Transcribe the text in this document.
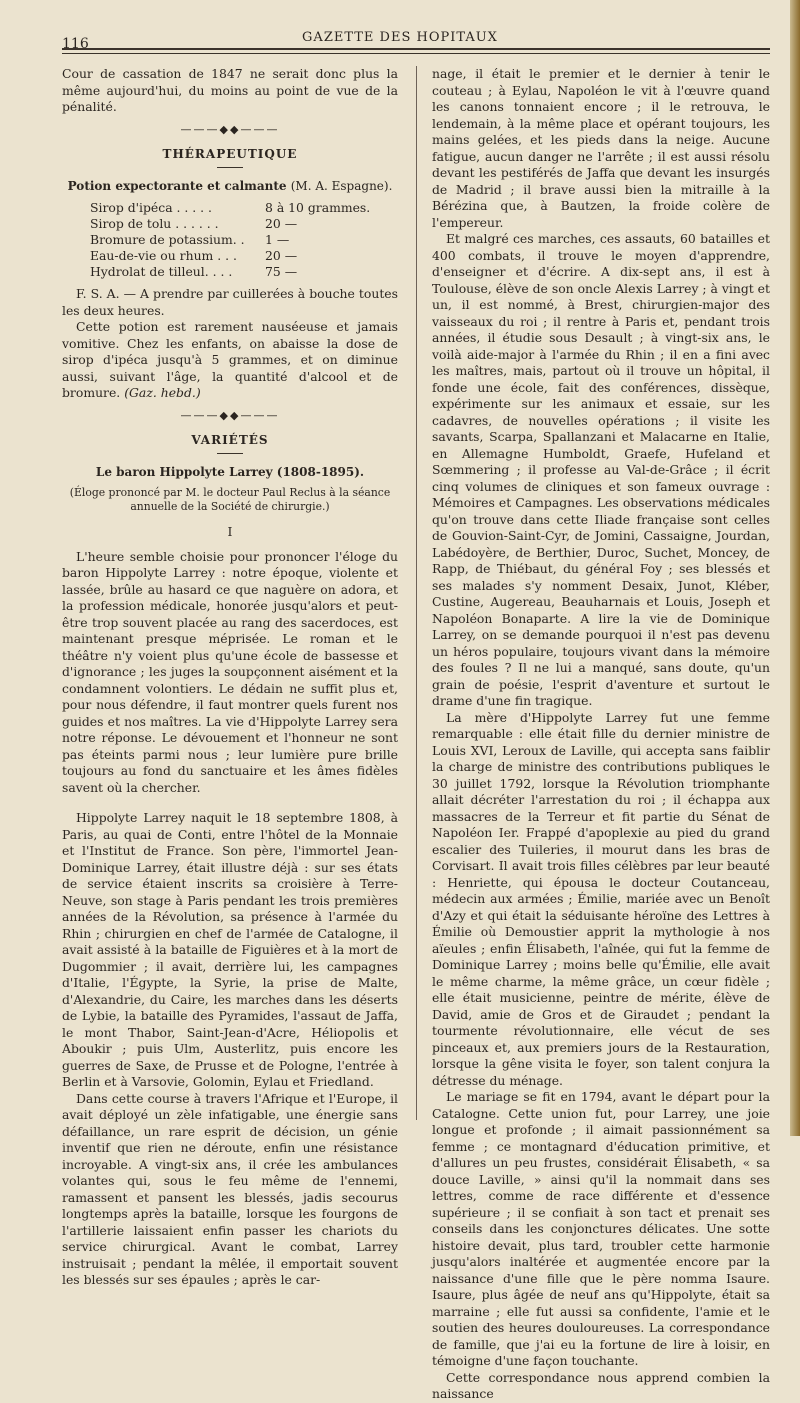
116	GAZETTE DES HOPITAUX

Cour de cassation de 1847 ne serait donc plus la même aujourd'hui, du moins au point de vue de la pénalité.

———◆◆———
THÉRAPEUTIQUE
Potion expectorante et calmante (M. A. Espagne).
Sirop d'ipéca . . . . .	8 à 10 grammes.
Sirop de tolu . . . . . .	20 —
Bromure de potassium. .	1 —
Eau-de-vie ou rhum . . .	20 —
Hydrolat de tilleul. . . .	75 —

F. S. A. — A prendre par cuillerées à bouche toutes les deux heures.

Cette potion est rarement nauséeuse et jamais vomitive. Chez les enfants, on abaisse la dose de sirop d'ipéca jusqu'à 5 grammes, et on diminue aussi, suivant l'âge, la quantité d'alcool et de bromure. (Gaz. hebd.)

———◆◆———
VARIÉTÉS
Le baron Hippolyte Larrey (1808-1895).
(Éloge prononcé par M. le docteur Paul Reclus à la séance annuelle de la Société de chirurgie.)
I

L'heure semble choisie pour prononcer l'éloge du baron Hippolyte Larrey : notre époque, violente et lassée, brûle au hasard ce que naguère on adora, et la profession médicale, honorée jusqu'alors et peut-être trop souvent placée au rang des sacerdoces, est maintenant presque méprisée. Le roman et le théâtre n'y voient plus qu'une école de bassesse et d'ignorance ; les juges la soupçonnent aisément et la condamnent volontiers. Le dédain ne suffit plus et, pour nous défendre, il faut montrer quels furent nos guides et nos maîtres. La vie d'Hippolyte Larrey sera notre réponse. Le dévouement et l'honneur ne sont pas éteints parmi nous ; leur lumière pure brille toujours au fond du sanctuaire et les âmes fidèles savent où la chercher.

Hippolyte Larrey naquit le 18 septembre 1808, à Paris, au quai de Conti, entre l'hôtel de la Monnaie et l'Institut de France. Son père, l'immortel Jean-Dominique Larrey, était illustre déjà : sur ses états de service étaient inscrits sa croisière à Terre-Neuve, son stage à Paris pendant les trois premières années de la Révolution, sa présence à l'armée du Rhin ; chirurgien en chef de l'armée de Catalogne, il avait assisté à la bataille de Figuières et à la mort de Dugommier ; il avait, derrière lui, les campagnes d'Italie, l'Égypte, la Syrie, la prise de Malte, d'Alexandrie, du Caire, les marches dans les déserts de Lybie, la bataille des Pyramides, l'assaut de Jaffa, le mont Thabor, Saint-Jean-d'Acre, Héliopolis et Aboukir ; puis Ulm, Austerlitz, puis encore les guerres de Saxe, de Prusse et de Pologne, l'entrée à Berlin et à Varsovie, Golomin, Eylau et Friedland.

Dans cette course à travers l'Afrique et l'Europe, il avait déployé un zèle infatigable, une énergie sans défaillance, un rare esprit de décision, un génie inventif que rien ne déroute, enfin une résistance incroyable. A vingt-six ans, il crée les ambulances volantes qui, sous le feu même de l'ennemi, ramassent et pansent les blessés, jadis secourus longtemps après la bataille, lorsque les fourgons de l'artillerie laissaient enfin passer les chariots du service chirurgical. Avant le combat, Larrey instruisait ; pendant la mêlée, il emportait souvent les blessés sur ses épaules ; après le car-

nage, il était le premier et le dernier à tenir le couteau ; à Eylau, Napoléon le vit à l'œuvre quand les canons tonnaient encore ; il le retrouva, le lendemain, à la même place et opérant toujours, les mains gelées, et les pieds dans la neige. Aucune fatigue, aucun danger ne l'arrête ; il est aussi résolu devant les pestiférés de Jaffa que devant les insurgés de Madrid ; il brave aussi bien la mitraille à la Bérézina que, à Bautzen, la froide colère de l'empereur.

Et malgré ces marches, ces assauts, 60 batailles et 400 combats, il trouve le moyen d'apprendre, d'enseigner et d'écrire. A dix-sept ans, il est à Toulouse, élève de son oncle Alexis Larrey ; à vingt et un, il est nommé, à Brest, chirurgien-major des vaisseaux du roi ; il rentre à Paris et, pendant trois années, il étudie sous Desault ; à vingt-six ans, le voilà aide-major à l'armée du Rhin ; il en a fini avec les maîtres, mais, partout où il trouve un hôpital, il fonde une école, fait des conférences, dissèque, expérimente sur les animaux et essaie, sur les cadavres, de nouvelles opérations ; il visite les savants, Scarpa, Spallanzani et Malacarne en Italie, en Allemagne Humboldt, Graefe, Hufeland et Sœmmering ; il professe au Val-de-Grâce ; il écrit cinq volumes de cliniques et son fameux ouvrage : Mémoires et Campagnes. Les observations médicales qu'on trouve dans cette Iliade française sont celles de Gouvion-Saint-Cyr, de Jomini, Cassaigne, Jourdan, Labédoyère, de Berthier, Duroc, Suchet, Moncey, de Rapp, de Thiébaut, du général Foy ; ses blessés et ses malades s'y nomment Desaix, Junot, Kléber, Custine, Augereau, Beauharnais et Louis, Joseph et Napoléon Bonaparte. A lire la vie de Dominique Larrey, on se demande pourquoi il n'est pas devenu un héros populaire, toujours vivant dans la mémoire des foules ? Il ne lui a manqué, sans doute, qu'un grain de poésie, l'esprit d'aventure et surtout le drame d'une fin tragique.

La mère d'Hippolyte Larrey fut une femme remarquable : elle était fille du dernier ministre de Louis XVI, Leroux de Laville, qui accepta sans faiblir la charge de ministre des contributions publiques le 30 juillet 1792, lorsque la Révolution triomphante allait décréter l'arrestation du roi ; il échappa aux massacres de la Terreur et fit partie du Sénat de Napoléon Ier. Frappé d'apoplexie au pied du grand escalier des Tuileries, il mourut dans les bras de Corvisart. Il avait trois filles célèbres par leur beauté : Henriette, qui épousa le docteur Coutanceau, médecin aux armées ; Émilie, mariée avec un Benoît d'Azy et qui était la séduisante héroïne des Lettres à Émilie où Demoustier apprit la mythologie à nos aïeules ; enfin Élisabeth, l'aînée, qui fut la femme de Dominique Larrey ; moins belle qu'Émilie, elle avait le même charme, la même grâce, un cœur fidèle ; elle était musicienne, peintre de mérite, élève de David, amie de Gros et de Giraudet ; pendant la tourmente révolutionnaire, elle vécut de ses pinceaux et, aux premiers jours de la Restauration, lorsque la gêne visita le foyer, son talent conjura la détresse du ménage.

Le mariage se fit en 1794, avant le départ pour la Catalogne. Cette union fut, pour Larrey, une joie longue et profonde ; il aimait passionnément sa femme ; ce montagnard d'éducation primitive, et d'allures un peu frustes, considérait Élisabeth, « sa douce Laville, » ainsi qu'il la nommait dans ses lettres, comme de race différente et d'essence supérieure ; il se confiait à son tact et prenait ses conseils dans les conjonctures délicates. Une sotte histoire devait, plus tard, troubler cette harmonie jusqu'alors inaltérée et augmentée encore par la naissance d'une fille que le père nomma Isaure. Isaure, plus âgée de neuf ans qu'Hippolyte, était sa marraine ; elle fut aussi sa confidente, l'amie et le soutien des heures douloureuses. La correspondance de famille, que j'ai eu la fortune de lire à loisir, en témoigne d'une façon touchante.

Cette correspondance nous apprend combien la naissance
